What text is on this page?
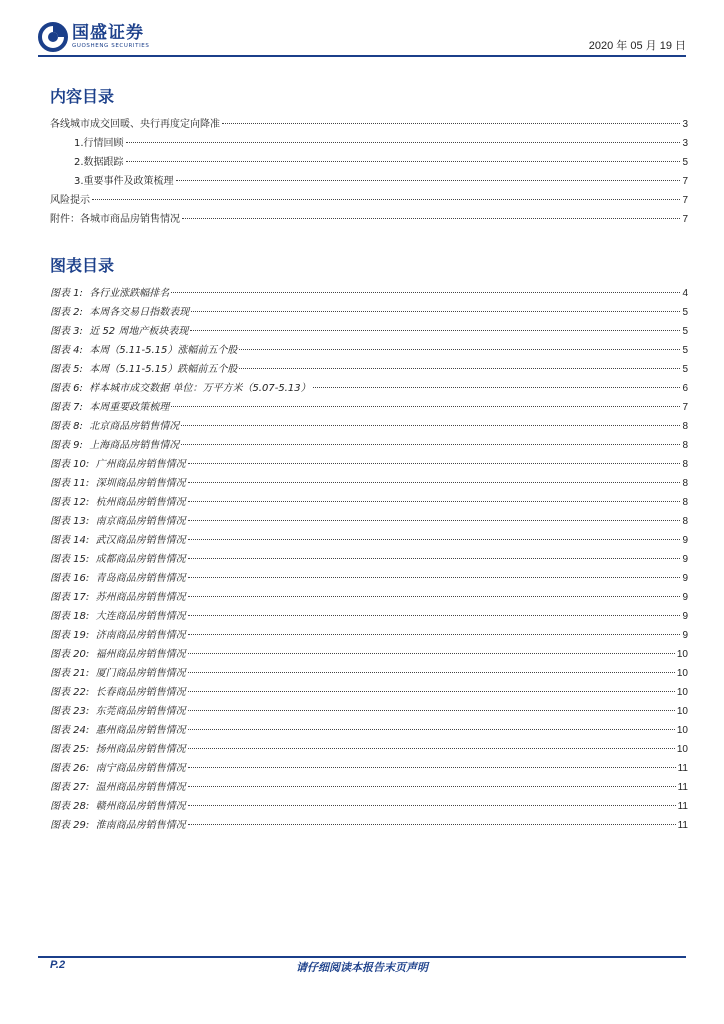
国盛证券
GUOSHENG SECURITIES	2020 年 05 月 19 日
内容目录
各线城市成交回暖、央行再度定向降准	3
1.行情回顾	3
2.数据跟踪	5
3.重要事件及政策梳理	7
风险提示	7
附件：各城市商品房销售情况	7
图表目录
图表 1:  各行业涨跌幅排名	4
图表 2:  本周各交易日指数表现	5
图表 3:  近 52 周地产板块表现	5
图表 4:  本周（5.11-5.15）涨幅前五个股	5
图表 5:  本周（5.11-5.15）跌幅前五个股	5
图表 6:  样本城市成交数据 单位：万平方米（5.07-5.13）	6
图表 7:  本周重要政策梳理	7
图表 8:  北京商品房销售情况	8
图表 9:  上海商品房销售情况	8
图表 10:  广州商品房销售情况	8
图表 11:  深圳商品房销售情况	8
图表 12:  杭州商品房销售情况	8
图表 13:  南京商品房销售情况	8
图表 14:  武汉商品房销售情况	9
图表 15:  成都商品房销售情况	9
图表 16:  青岛商品房销售情况	9
图表 17:  苏州商品房销售情况	9
图表 18:  大连商品房销售情况	9
图表 19:  济南商品房销售情况	9
图表 20:  福州商品房销售情况	10
图表 21:  厦门商品房销售情况	10
图表 22:  长春商品房销售情况	10
图表 23:  东莞商品房销售情况	10
图表 24:  惠州商品房销售情况	10
图表 25:  扬州商品房销售情况	10
图表 26:  南宁商品房销售情况	11
图表 27:  温州商品房销售情况	11
图表 28:  赣州商品房销售情况	11
图表 29:  淮南商品房销售情况	11
P.2	请仔细阅读本报告末页声明
